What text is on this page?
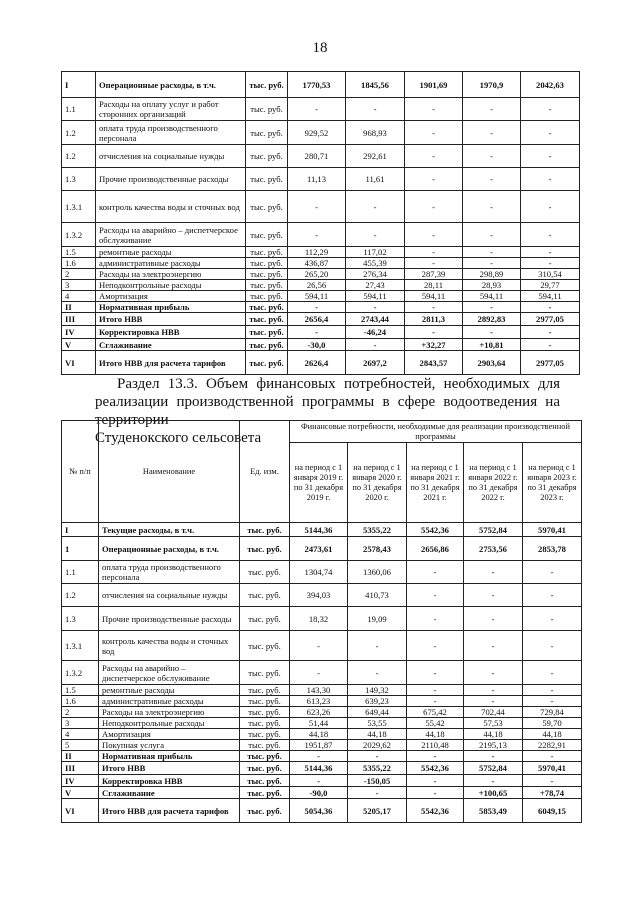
18
I	Операционные расходы, в т.ч.	тыс. руб.	1770,53	1845,56	1901,69	1970,9	2042,63
1.1	Расходы на оплату услуг и работ сторонних организаций	тыс. руб.	-	-	-	-	-
1.2	оплата труда производственного персонала	тыс. руб.	929,52	968,93	-	-	-
1.2	отчисления на социальные нужды	тыс. руб.	280,71	292,61	-	-	-
1.3	Прочие производственные расходы	тыс. руб.	11,13	11,61	-	-	-
1.3.1	контроль качества воды и сточных вод	тыс. руб.	-	-	-	-	-
1.3.2	Расходы на аварийно – диспетчерское обслуживание	тыс. руб.	-	-	-	-	-
1.5	ремонтные расходы	тыс. руб.	112,29	117,02	-	-	-
1.6	административные расходы	тыс. руб.	436,87	455,39	-	-	-
2	Расходы на электроэнергию	тыс. руб.	265,20	276,34	287,39	298,89	310,54
3	Неподконтрольные расходы	тыс. руб.	26,56	27,43	28,11	28,93	29,77
4	Амортизация	тыс. руб.	594,11	594,11	594,11	594,11	594,11
II	Нормативная прибыль	тыс. руб.	-	-	-	-	-
III	Итого НВВ	тыс. руб.	2656,4	2743,44	2811,3	2892,83	2977,05
IV	Корректировка НВВ	тыс. руб.	-	-46,24	-	-	-
V	Сглаживание	тыс. руб.	-30,0	-	+32,27	+10,81	-
VI	Итого НВВ для расчета тарифов	тыс. руб.	2626,4	2697,2	2843,57	2903,64	2977,05
Раздел 13.3. Объем финансовых потребностей, необходимых для
реализации производственной программы в сфере водоотведения на территории
Студенокского сельсовета
№ п/п	Наименование	Ед. изм.	Финансовые потребности, необходимые для реализации производственной программы				
			на период с 1 января 2019 г. по 31 декабря 2019 г.	на период с 1 января 2020 г. по 31 декабря 2020 г.	на период с 1 января 2021 г. по 31 декабря 2021 г.	на период с 1 января 2022 г. по 31 декабря 2022 г.	на период с 1 января 2023 г. по 31 декабря 2023 г.
I	Текущие расходы, в т.ч.	тыс. руб.	5144,36	5355,22	5542,36	5752,84	5970,41
1	Операционные расходы, в т.ч.	тыс. руб.	2473,61	2578,43	2656,86	2753,56	2853,78
1.1	оплата труда производственного персонала	тыс. руб.	1304,74	1360,06	-	-	-
1.2	отчисления на социальные нужды	тыс. руб.	394,03	410,73	-	-	-
1.3	Прочие производственные расходы	тыс. руб.	18,32	19,09	-	-	-
1.3.1	контроль качества воды и сточных вод	тыс. руб.	-	-	-	-	-
1.3.2	Расходы на аварийно – диспетчерское обслуживание	тыс. руб.	-	-	-	-	-
1.5	ремонтные расходы	тыс. руб.	143,30	149,32	-	-	-
1.6	административные расходы	тыс. руб.	613,23	639,23	-	-	-
2	Расходы на электроэнергию	тыс. руб.	623,26	649,44	675,42	702,44	729,84
3	Неподконтрольные расходы	тыс. руб.	51,44	53,55	55,42	57,53	59,70
4	Амортизация	тыс. руб.	44,18	44,18	44,18	44,18	44,18
5	Покупная услуга	тыс. руб.	1951,87	2029,62	2110,48	2195,13	2282,91
II	Нормативная прибыль	тыс. руб.	-	-	-	-	-
III	Итого НВВ	тыс. руб.	5144,36	5355,22	5542,36	5752,84	5970,41
IV	Корректировка НВВ	тыс. руб.	-	-150,05	-	-	-
V	Сглаживание	тыс. руб.	-90,0	-	-	+100,65	+78,74
VI	Итого НВВ для расчета тарифов	тыс. руб.	5054,36	5205,17	5542,36	5853,49	6049,15
